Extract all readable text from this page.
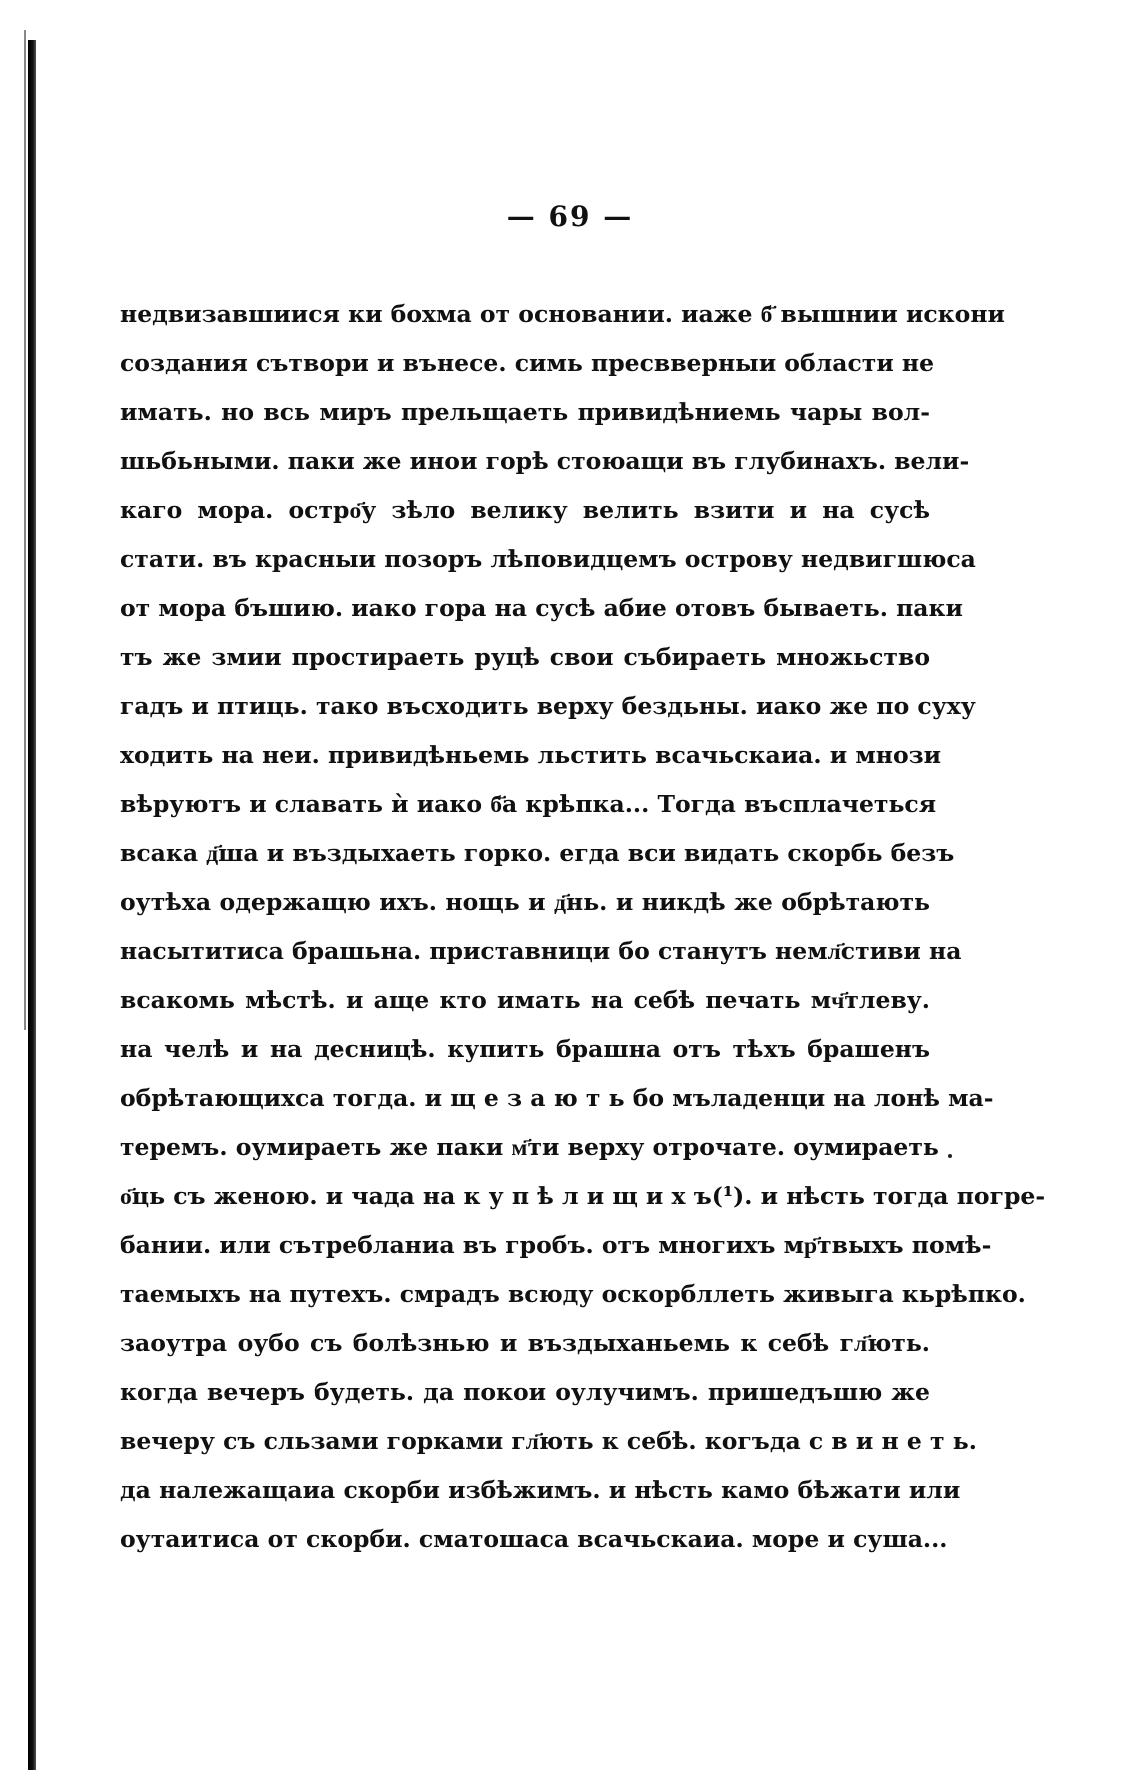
— 69 —
недвизавшиися ки бохма от основании. иаже б҃ вышнии искони
создания сътвори и вънесе. симь пресвверныи области не
имать. но всь миръ прельщаеть привидѣниемь чары вол-
шьбьными. паки же инои горѣ стоюащи въ глубинахъ. вели-
каго мора. остро҃у зѣло велику велить взити и на сусѣ
стати. въ красныи позоръ лѣповидцемъ острову недвигшюса
от мора бъшию. иако гора на сусѣ абие отовъ бываеть. паки
тъ же змии простираеть руцѣ свои събираеть множьство
гадъ и птиць. тако въсходить верху бездьны. иако же по суху
ходить на неи. привидѣньемь льстить всачьскаиа. и мнози
вѣруютъ и славать ѝ иако б҃а крѣпка... Тогда въсплачеться
всака д҃ша и въздыхаеть горко. егда вси видать скорбь безъ
оутѣха одержащю ихъ. нощь и д҃нь. и никдѣ же обрѣтають
насытитиса брашьна. приставници бо станутъ немл҃стиви на
всакомь мѣстѣ. и аще кто имать на себѣ печать мч҃тлеву.
на челѣ и на десницѣ. купить брашна отъ тѣхъ брашенъ
обрѣтающихса тогда. и щ е з а ю т ь бо мъладенци на лонѣ ма-
теремъ. оумираеть же паки м҃ти верху отрочате. оумираеть
о҃ць съ женою. и чада на к у п ѣ л и щ и х ъ(¹). и нѣсть тогда погре-
бании. или сътребланиа въ гробъ. отъ многихъ мр҃твыхъ помѣ-
таемыхъ на путехъ. смрадъ всюду оскорбллеть живыга кьрѣпко.
заоутра оубо съ болѣзнью и въздыханьемь к себѣ гл҃ють.
когда вечеръ будеть. да покои оулучимъ. пришедъшю же
вечеру съ сльзами горками гл҃ють к себѣ. когъда с в и н е т ь.
да належащаиа скорби избѣжимъ. и нѣсть камо бѣжати или
оутаитиса от скорби. сматошаса всачьскаиа. море и суша...
